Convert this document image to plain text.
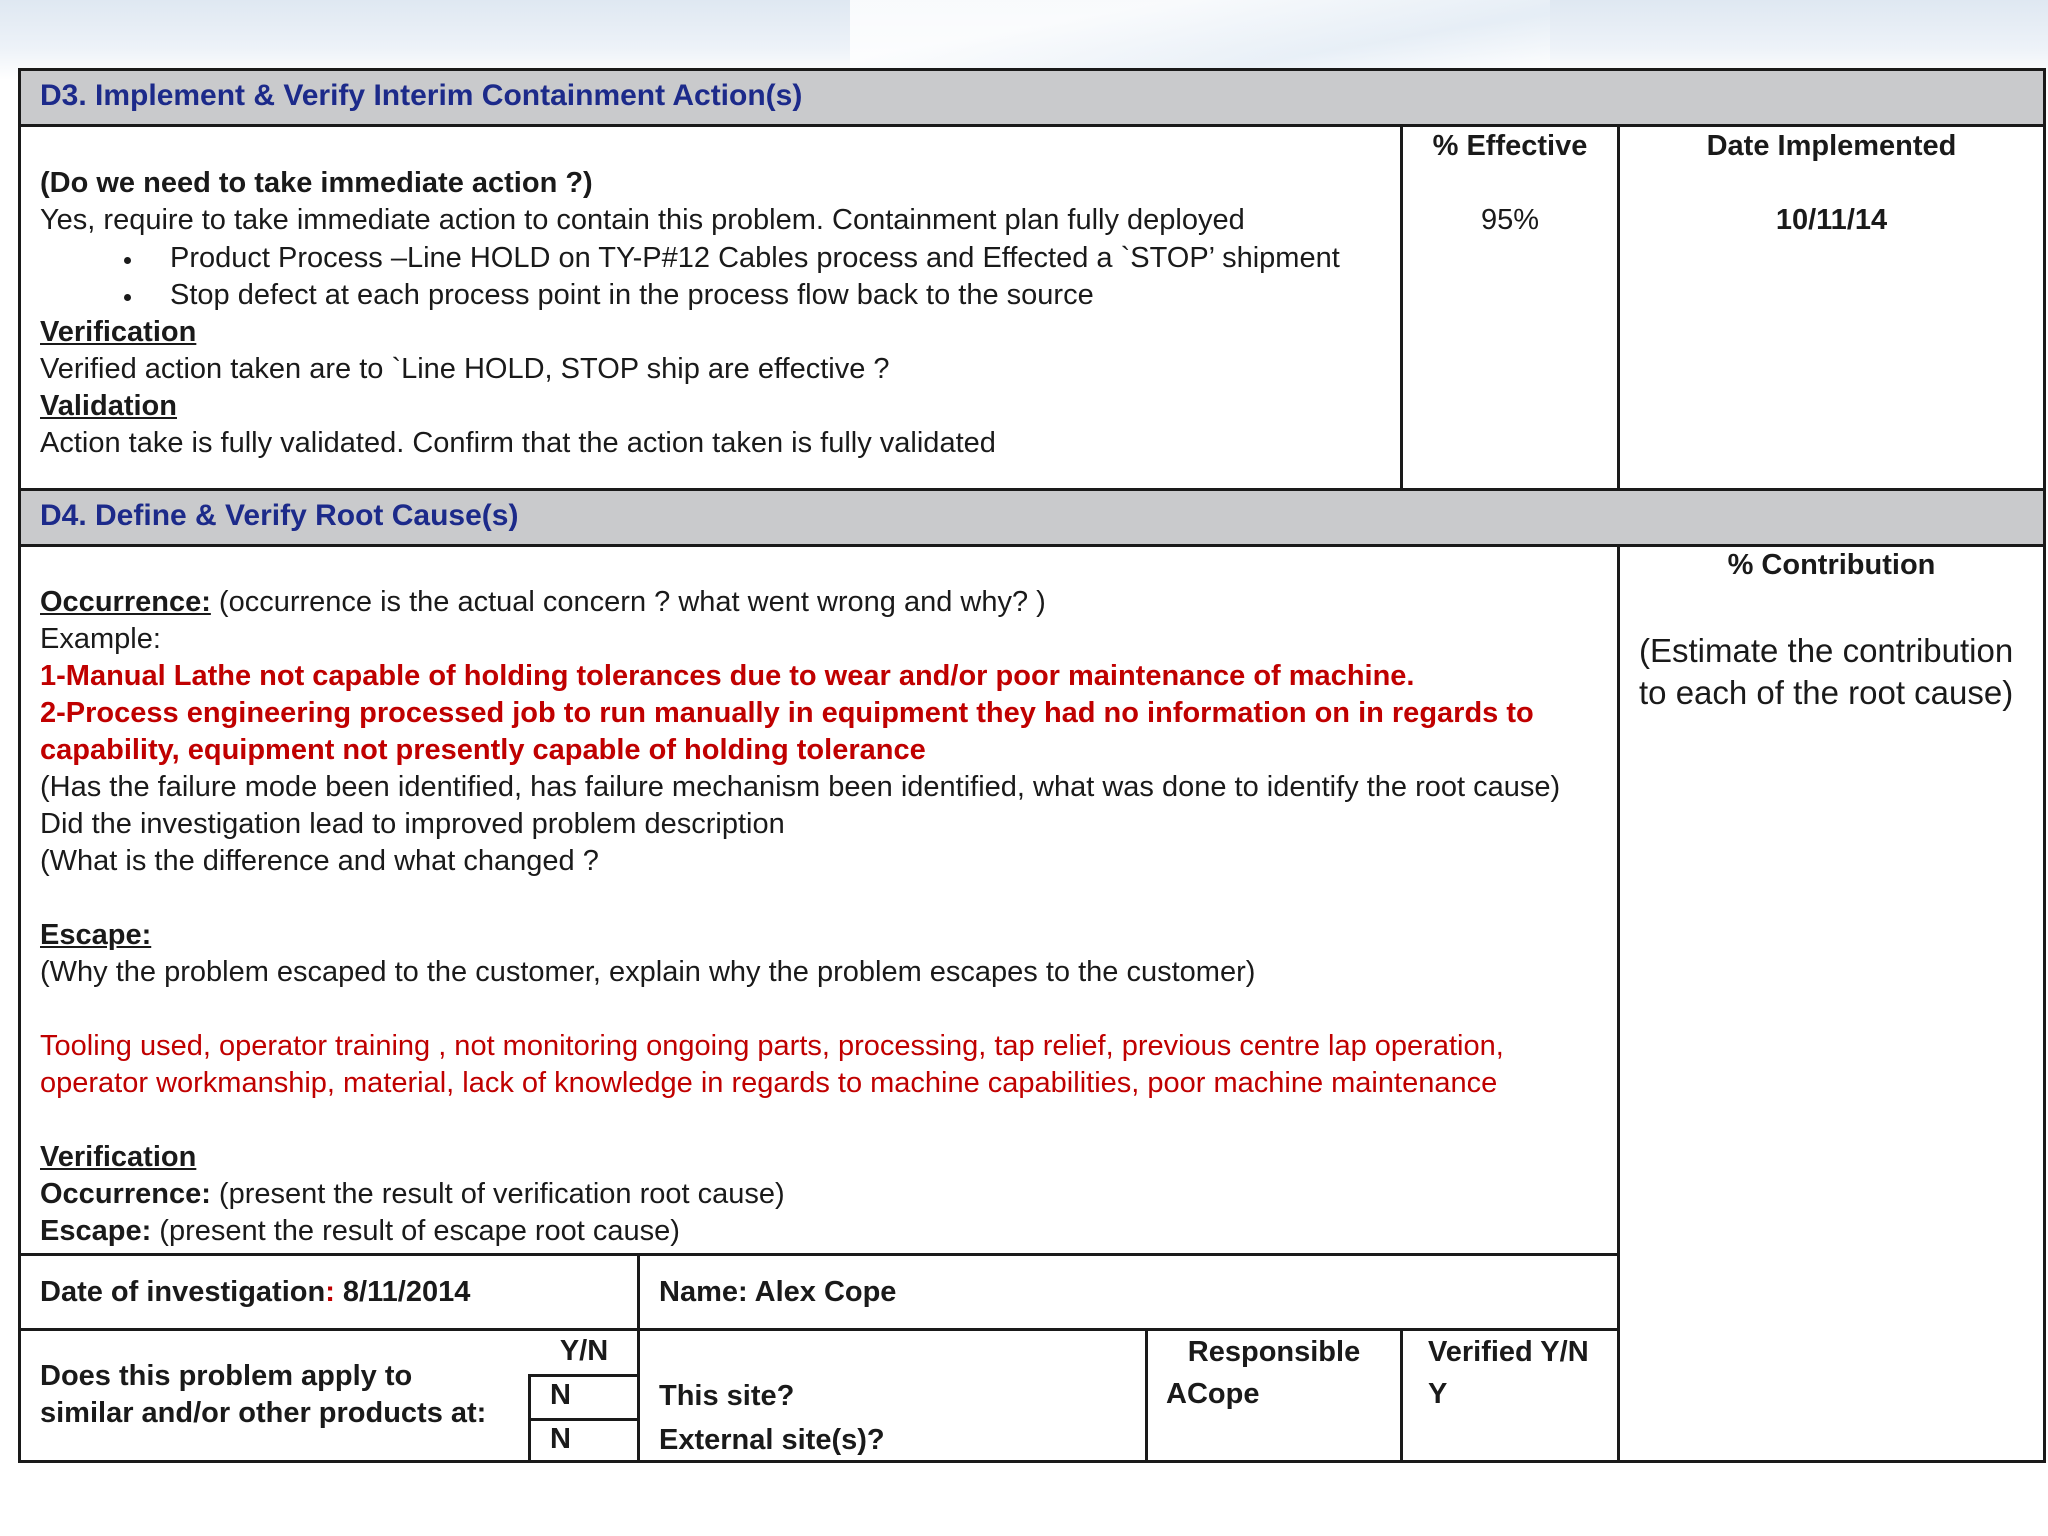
D3. Implement & Verify Interim Containment Action(s)
D4. Define & Verify Root Cause(s)
(Do we need to take immediate action ?)
Yes, require to take immediate action to contain this problem. Containment plan fully deployed
Product Process –Line HOLD on TY-P#12 Cables process and Effected a `STOP’ shipment
Stop defect at each process point in the process flow back to the source
Verification
Verified action taken are to `Line HOLD, STOP ship are effective ?
Validation
Action take is fully validated. Confirm that the action taken is fully validated
% Effective
95%
Date Implemented
10/11/14
Occurrence: (occurrence is the actual concern ? what went wrong and why? )
Example:
1-Manual Lathe not capable of holding tolerances due to wear and/or poor maintenance of machine.
2-Process engineering processed job to run manually in equipment they had no information on in regards to
capability, equipment not presently capable of holding tolerance
(Has the failure mode been identified, has failure mechanism been identified, what was done to identify the root cause)
Did the investigation lead to improved problem description
(What is the difference and what changed ?
Escape:
(Why the problem escaped to the customer, explain why the problem escapes to the customer)
Tooling used, operator training , not monitoring ongoing parts, processing, tap relief, previous centre lap operation,
operator workmanship, material, lack of knowledge in regards to machine capabilities, poor machine maintenance
Verification
Occurrence: (present the result of verification root cause)
Escape: (present the result of escape root cause)
% Contribution
(Estimate the contribution
to each of the root cause)
Date of investigation: 8/11/2014	Name: Alex Cope
Does this problem apply to
similar and/or other products at:
Y/N
N
N
This site?
External site(s)?
Responsible
ACope
Verified Y/N
Y
